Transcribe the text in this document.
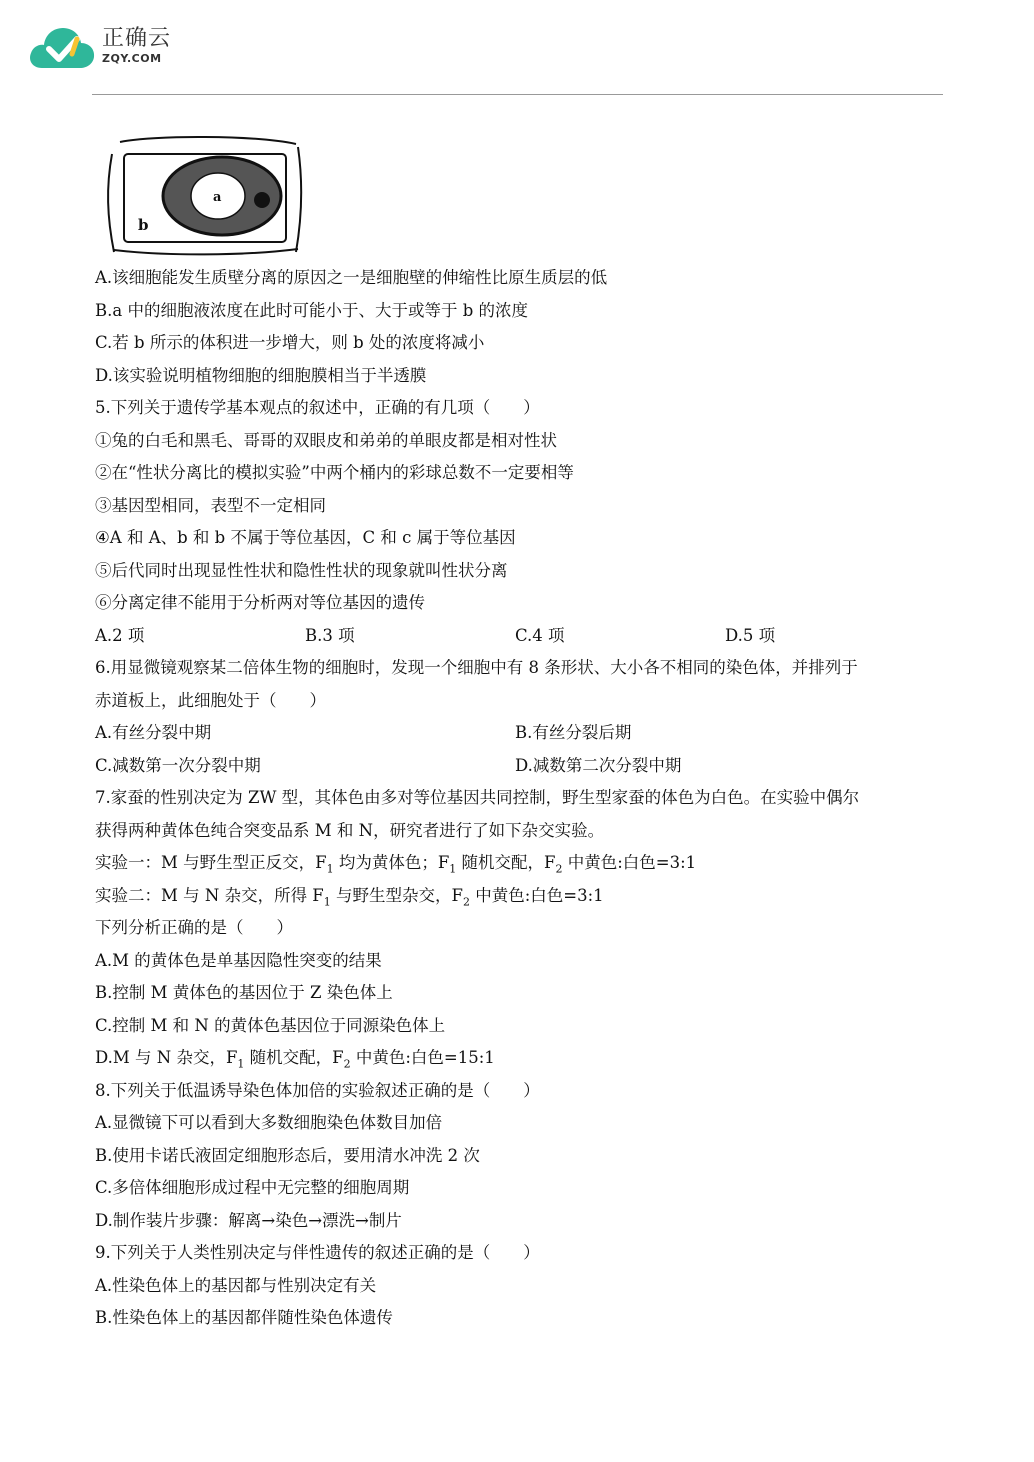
正确云
ZQY.COM
a
b
A.该细胞能发生质壁分离的原因之一是细胞壁的伸缩性比原生质层的低
B.a 中的细胞液浓度在此时可能小于、大于或等于 b 的浓度
C.若 b 所示的体积进一步增大，则 b 处的浓度将减小
D.该实验说明植物细胞的细胞膜相当于半透膜
5.下列关于遗传学基本观点的叙述中，正确的有几项（　　）
①兔的白毛和黑毛、哥哥的双眼皮和弟弟的单眼皮都是相对性状
②在“性状分离比的模拟实验”中两个桶内的彩球总数不一定要相等
③基因型相同，表型不一定相同
④A 和 A、b 和 b 不属于等位基因，C 和 c 属于等位基因
⑤后代同时出现显性性状和隐性性状的现象就叫性状分离
⑥分离定律不能用于分析两对等位基因的遗传
A.2 项	B.3 项	C.4 项	D.5 项
6.用显微镜观察某二倍体生物的细胞时，发现一个细胞中有 8 条形状、大小各不相同的染色体，并排列于
赤道板上，此细胞处于（　　）
A.有丝分裂中期	B.有丝分裂后期
C.减数第一次分裂中期	D.减数第二次分裂中期
7.家蚕的性别决定为 ZW 型，其体色由多对等位基因共同控制，野生型家蚕的体色为白色。在实验中偶尔
获得两种黄体色纯合突变品系 M 和 N，研究者进行了如下杂交实验。
实验一：M 与野生型正反交，$F_1$ 均为黄体色；$F_1$ 随机交配，$F_2$ 中黄色:白色=3:1
实验二：M 与 N 杂交，所得 $F_1$ 与野生型杂交，$F_2$ 中黄色:白色=3:1
下列分析正确的是（　　）
A.M 的黄体色是单基因隐性突变的结果
B.控制 M 黄体色的基因位于 Z 染色体上
C.控制 M 和 N 的黄体色基因位于同源染色体上
D.M 与 N 杂交，$F_1$ 随机交配，$F_2$ 中黄色:白色=15:1
8.下列关于低温诱导染色体加倍的实验叙述正确的是（　　）
A.显微镜下可以看到大多数细胞染色体数目加倍
B.使用卡诺氏液固定细胞形态后，要用清水冲洗 2 次
C.多倍体细胞形成过程中无完整的细胞周期
D.制作装片步骤：解离→染色→漂洗→制片
9.下列关于人类性别决定与伴性遗传的叙述正确的是（　　）
A.性染色体上的基因都与性别决定有关
B.性染色体上的基因都伴随性染色体遗传
